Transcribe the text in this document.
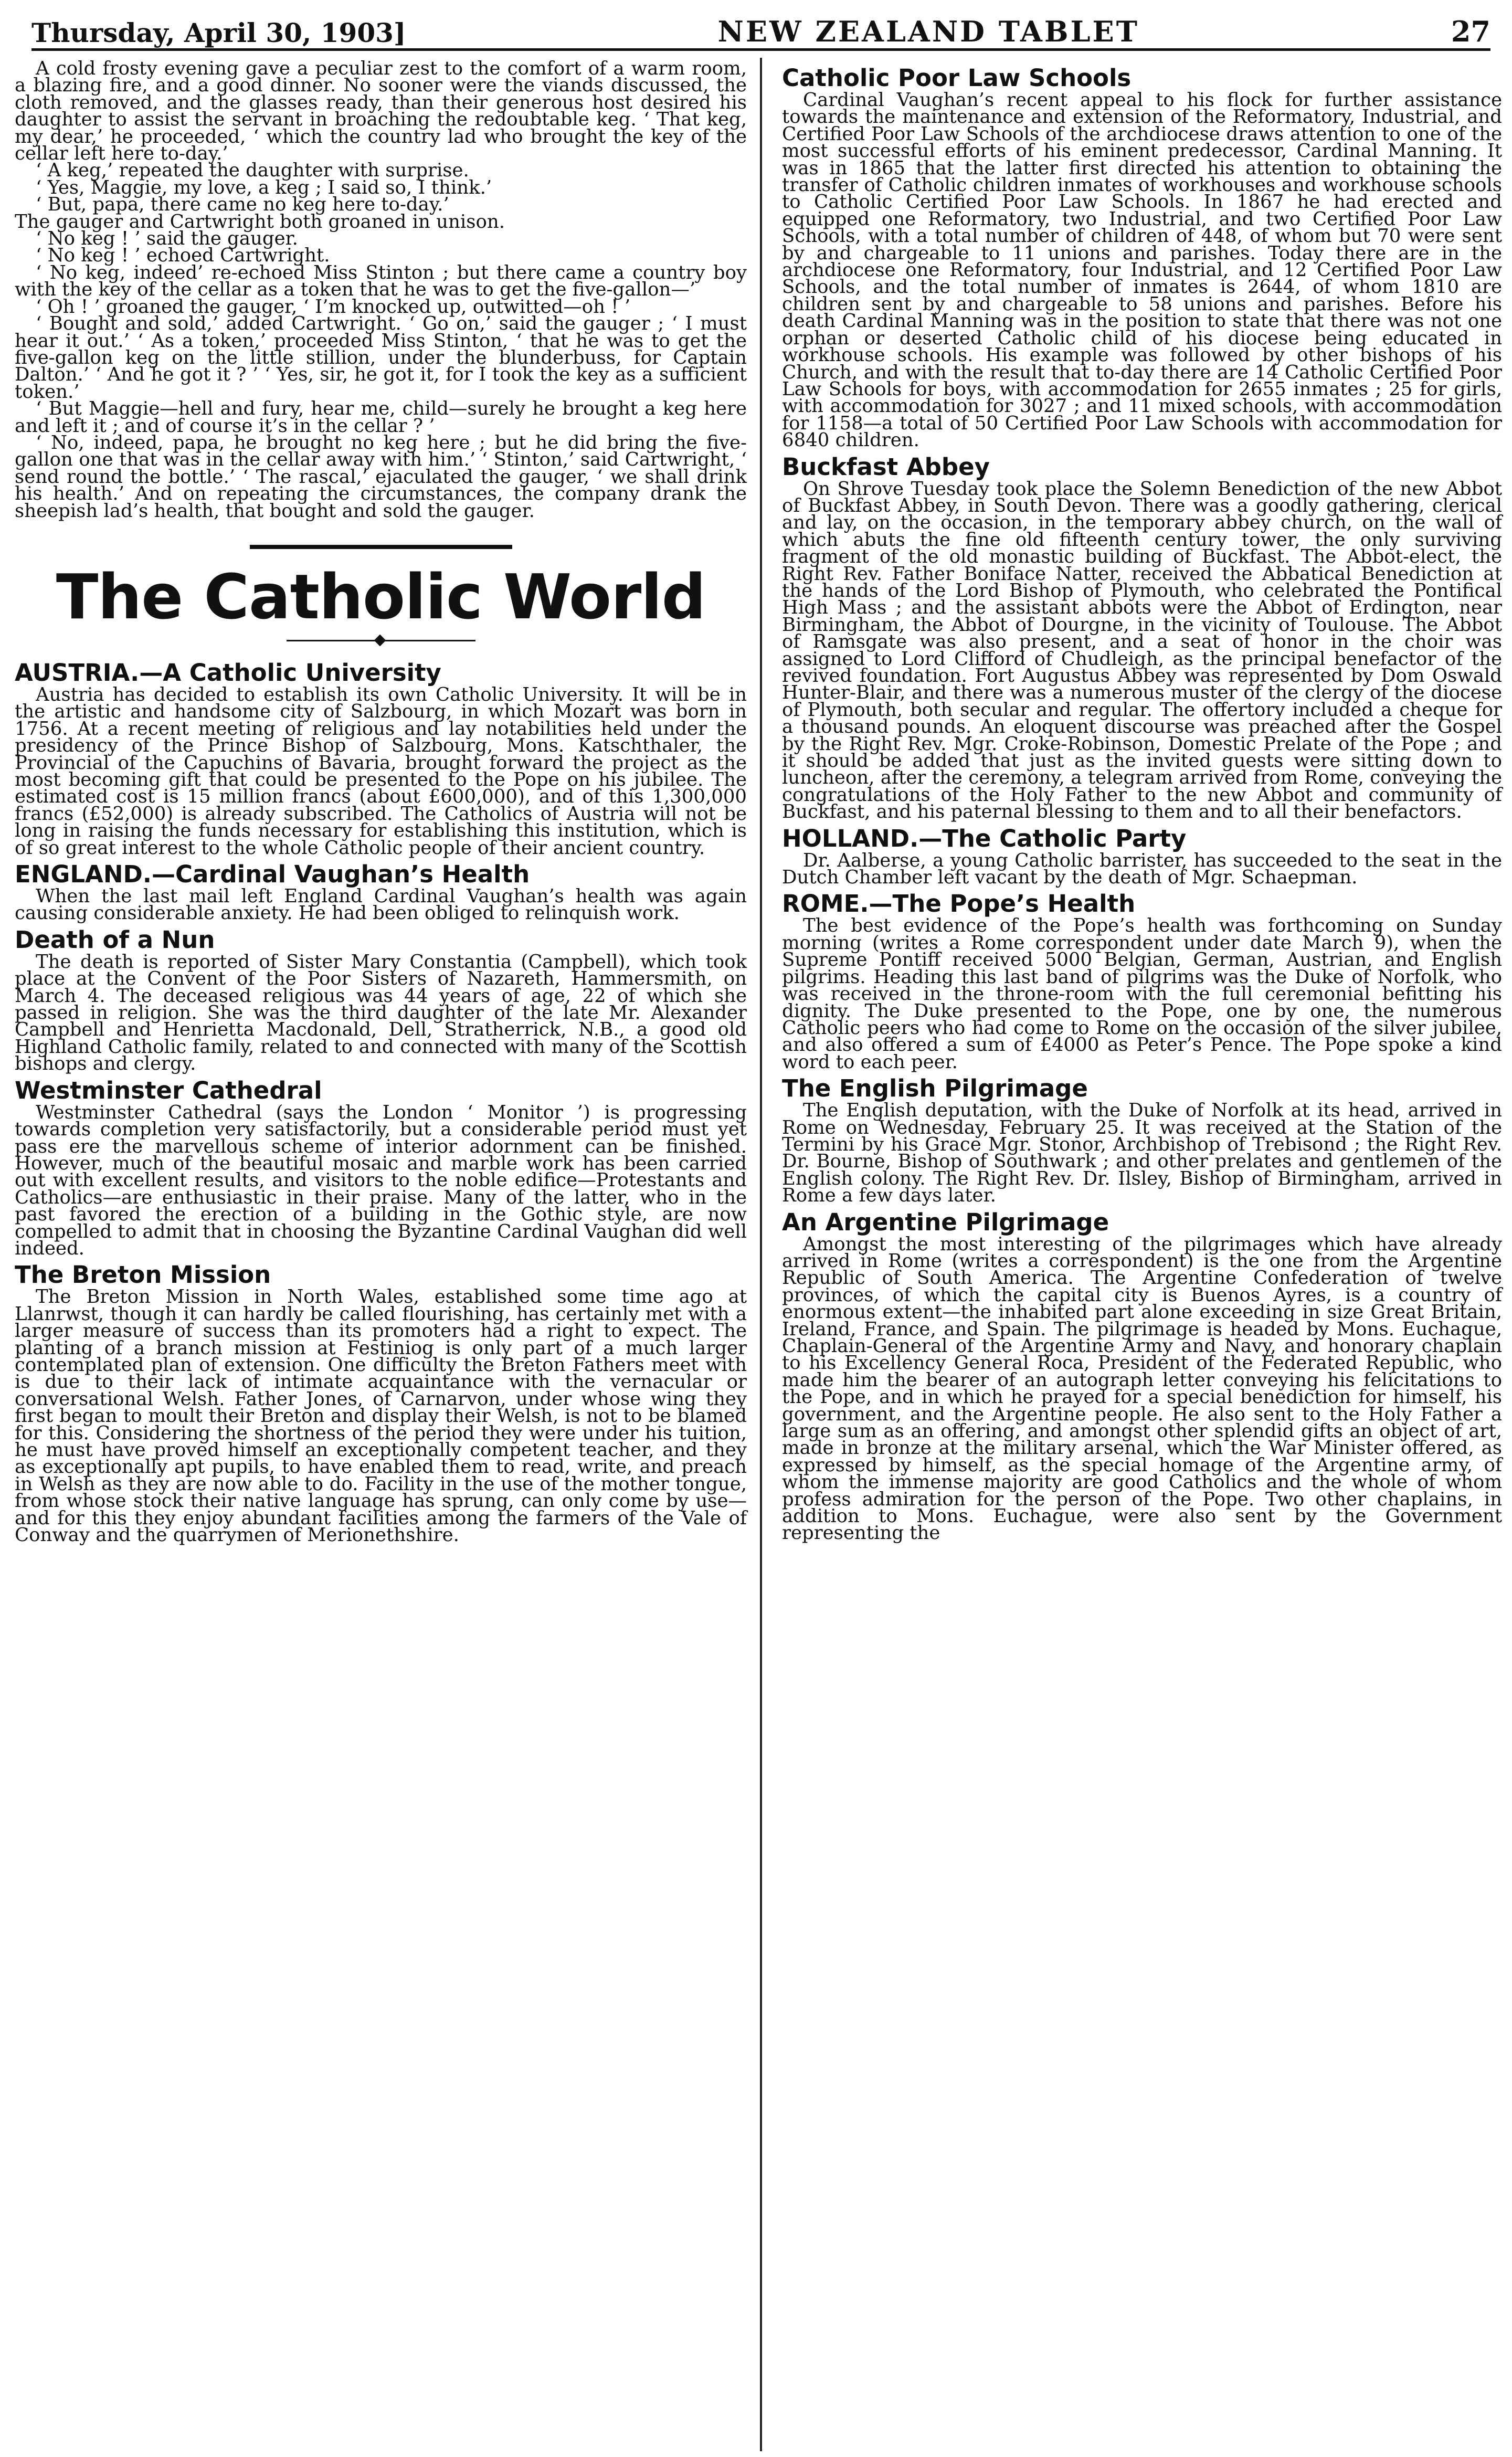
Thursday, April 30, 1903]	NEW ZEALAND TABLET	27

A cold frosty evening gave a peculiar zest to the comfort of a warm room, a blazing fire, and a good dinner. No sooner were the viands discussed, the cloth removed, and the glasses ready, than their generous host desired his daughter to assist the servant in broaching the redoubtable keg. ‘ That keg, my dear,’ he proceeded, ‘ which the country lad who brought the key of the cellar left here to-day.’

‘ A keg,’ repeated the daughter with surprise.

‘ Yes, Maggie, my love, a keg ; I said so, I think.’

‘ But, papa, there came no keg here to-day.’

The gauger and Cartwright both groaned in unison.

‘ No keg ! ’ said the gauger.

‘ No keg ! ’ echoed Cartwright.

‘ No keg, indeed’ re-echoed Miss Stinton ; but there came a country boy with the key of the cellar as a token that he was to get the five-gallon—’

‘ Oh ! ’ groaned the gauger, ‘ I’m knocked up, outwitted—oh ! ’

‘ Bought and sold,’ added Cartwright. ‘ Go on,’ said the gauger ; ‘ I must hear it out.’ ‘ As a token,’ proceeded Miss Stinton, ‘ that he was to get the five-gallon keg on the little stillion, under the blunderbuss, for Captain Dalton.’ ‘ And he got it ? ’ ‘ Yes, sir, he got it, for I took the key as a sufficient token.’

‘ But Maggie—hell and fury, hear me, child—surely he brought a keg here and left it ; and of course it’s in the cellar ? ’

‘ No, indeed, papa, he brought no keg here ; but he did bring the five-gallon one that was in the cellar away with him.’ ‘ Stinton,’ said Cartwright, ‘ send round the bottle.’ ‘ The rascal,’ ejaculated the gauger, ‘ we shall drink his health.’ And on repeating the circumstances, the company drank the sheepish lad’s health, that bought and sold the gauger.

The Catholic World
AUSTRIA.—A Catholic University

Austria has decided to establish its own Catholic University. It will be in the artistic and handsome city of Salzbourg, in which Mozart was born in 1756. At a recent meeting of religious and lay notabilities held under the presidency of the Prince Bishop of Salzbourg, Mons. Katschthaler, the Provincial of the Capuchins of Bavaria, brought forward the project as the most becoming gift that could be presented to the Pope on his jubilee. The estimated cost is 15 million francs (about £600,000), and of this 1,300,000 francs (£52,000) is already subscribed. The Catholics of Austria will not be long in raising the funds necessary for establishing this institution, which is of so great interest to the whole Catholic people of their ancient country.

ENGLAND.—Cardinal Vaughan’s Health

When the last mail left England Cardinal Vaughan’s health was again causing considerable anxiety. He had been obliged to relinquish work.

Death of a Nun

The death is reported of Sister Mary Constantia (Campbell), which took place at the Convent of the Poor Sisters of Nazareth, Hammersmith, on March 4. The deceased religious was 44 years of age, 22 of which she passed in religion. She was the third daughter of the late Mr. Alexander Campbell and Henrietta Macdonald, Dell, Stratherrick, N.B., a good old Highland Catholic family, related to and connected with many of the Scottish bishops and clergy.

Westminster Cathedral

Westminster Cathedral (says the London ‘ Monitor ’) is progressing towards completion very satisfactorily, but a considerable period must yet pass ere the marvellous scheme of interior adornment can be finished. However, much of the beautiful mosaic and marble work has been carried out with excellent results, and visitors to the noble edifice—Protestants and Catholics—are enthusiastic in their praise. Many of the latter, who in the past favored the erection of a building in the Gothic style, are now compelled to admit that in choosing the Byzantine Cardinal Vaughan did well indeed.

The Breton Mission

The Breton Mission in North Wales, established some time ago at Llanrwst, though it can hardly be called flourishing, has certainly met with a larger measure of success than its promoters had a right to expect. The planting of a branch mission at Festiniog is only part of a much larger contemplated plan of extension. One difficulty the Breton Fathers meet with is due to their lack of intimate acquaintance with the vernacular or conversational Welsh. Father Jones, of Carnarvon, under whose wing they first began to moult their Breton and display their Welsh, is not to be blamed for this. Considering the shortness of the period they were under his tuition, he must have proved himself an exceptionally competent teacher, and they as exceptionally apt pupils, to have enabled them to read, write, and preach in Welsh as they are now able to do. Facility in the use of the mother tongue, from whose stock their native language has sprung, can only come by use—and for this they enjoy abundant facilities among the farmers of the Vale of Conway and the quarrymen of Merionethshire.

Catholic Poor Law Schools

Cardinal Vaughan’s recent appeal to his flock for further assistance towards the maintenance and extension of the Reformatory, Industrial, and Certified Poor Law Schools of the archdiocese draws attention to one of the most successful efforts of his eminent predecessor, Cardinal Manning. It was in 1865 that the latter first directed his attention to obtaining the transfer of Catholic children inmates of workhouses and workhouse schools to Catholic Certified Poor Law Schools. In 1867 he had erected and equipped one Reformatory, two Industrial, and two Certified Poor Law Schools, with a total number of children of 448, of whom but 70 were sent by and chargeable to 11 unions and parishes. Today there are in the archdiocese one Reformatory, four Industrial, and 12 Certified Poor Law Schools, and the total number of inmates is 2644, of whom 1810 are children sent by and chargeable to 58 unions and parishes. Before his death Cardinal Manning was in the position to state that there was not one orphan or deserted Catholic child of his diocese being educated in workhouse schools. His example was followed by other bishops of his Church, and with the result that to-day there are 14 Catholic Certified Poor Law Schools for boys, with accommodation for 2655 inmates ; 25 for girls, with accommodation for 3027 ; and 11 mixed schools, with accommodation for 1158—a total of 50 Certified Poor Law Schools with accommodation for 6840 children.

Buckfast Abbey

On Shrove Tuesday took place the Solemn Benediction of the new Abbot of Buckfast Abbey, in South Devon. There was a goodly gathering, clerical and lay, on the occasion, in the temporary abbey church, on the wall of which abuts the fine old fifteenth century tower, the only surviving fragment of the old monastic building of Buckfast. The Abbot-elect, the Right Rev. Father Boniface Natter, received the Abbatical Benediction at the hands of the Lord Bishop of Plymouth, who celebrated the Pontifical High Mass ; and the assistant abbots were the Abbot of Erdington, near Birmingham, the Abbot of Dourgne, in the vicinity of Toulouse. The Abbot of Ramsgate was also present, and a seat of honor in the choir was assigned to Lord Clifford of Chudleigh, as the principal benefactor of the revived foundation. Fort Augustus Abbey was represented by Dom Oswald Hunter-Blair, and there was a numerous muster of the clergy of the diocese of Plymouth, both secular and regular. The offertory included a cheque for a thousand pounds. An eloquent discourse was preached after the Gospel by the Right Rev. Mgr. Croke-Robinson, Domestic Prelate of the Pope ; and it should be added that just as the invited guests were sitting down to luncheon, after the ceremony, a telegram arrived from Rome, conveying the congratulations of the Holy Father to the new Abbot and community of Buckfast, and his paternal blessing to them and to all their benefactors.

HOLLAND.—The Catholic Party

Dr. Aalberse, a young Catholic barrister, has succeeded to the seat in the Dutch Chamber left vacant by the death of Mgr. Schaepman.

ROME.—The Pope’s Health

The best evidence of the Pope’s health was forthcoming on Sunday morning (writes a Rome correspondent under date March 9), when the Supreme Pontiff received 5000 Belgian, German, Austrian, and English pilgrims. Heading this last band of pilgrims was the Duke of Norfolk, who was received in the throne-room with the full ceremonial befitting his dignity. The Duke presented to the Pope, one by one, the numerous Catholic peers who had come to Rome on the occasion of the silver jubilee, and also offered a sum of £4000 as Peter’s Pence. The Pope spoke a kind word to each peer.

The English Pilgrimage

The English deputation, with the Duke of Norfolk at its head, arrived in Rome on Wednesday, February 25. It was received at the Station of the Termini by his Grace Mgr. Stonor, Archbishop of Trebisond ; the Right Rev. Dr. Bourne, Bishop of Southwark ; and other prelates and gentlemen of the English colony. The Right Rev. Dr. Ilsley, Bishop of Birmingham, arrived in Rome a few days later.

An Argentine Pilgrimage

Amongst the most interesting of the pilgrimages which have already arrived in Rome (writes a correspondent) is the one from the Argentine Republic of South America. The Argentine Confederation of twelve provinces, of which the capital city is Buenos Ayres, is a country of enormous extent—the inhabited part alone exceeding in size Great Britain, Ireland, France, and Spain. The pilgrimage is headed by Mons. Euchague, Chaplain-General of the Argentine Army and Navy, and honorary chaplain to his Excellency General Roca, President of the Federated Republic, who made him the bearer of an autograph letter conveying his felicitations to the Pope, and in which he prayed for a special benediction for himself, his government, and the Argentine people. He also sent to the Holy Father a large sum as an offering, and amongst other splendid gifts an object of art, made in bronze at the military arsenal, which the War Minister offered, as expressed by himself, as the special homage of the Argentine army, of whom the immense majority are good Catholics and the whole of whom profess admiration for the person of the Pope. Two other chaplains, in addition to Mons. Euchague, were also sent by the Government representing the
